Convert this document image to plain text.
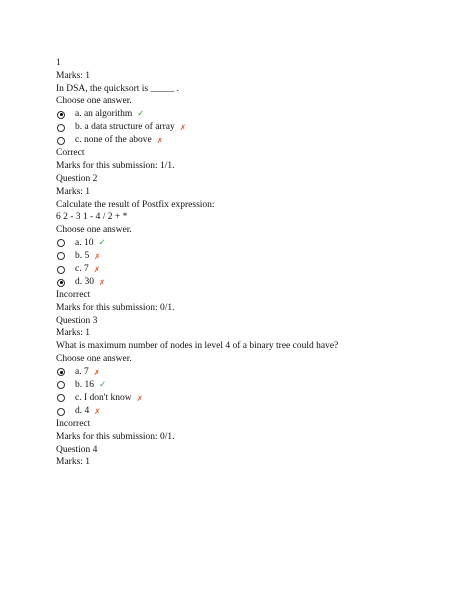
1
Marks: 1
In DSA, the quicksort is _____ .
Choose one answer.
a. an algorithm ✓
b. a data structure of array ✗
c. none of the above ✗
Correct
Marks for this submission: 1/1.
Question 2
Marks: 1
Calculate the result of Postfix expression:
6 2 - 3 1 - 4 / 2 + *
Choose one answer.
a. 10 ✓
b. 5 ✗
c. 7 ✗
d. 30 ✗
Incorrect
Marks for this submission: 0/1.
Question 3
Marks: 1
What is maximum number of nodes in level 4 of a binary tree could have?
Choose one answer.
a. 7 ✗
b. 16 ✓
c. I don't know ✗
d. 4 ✗
Incorrect
Marks for this submission: 0/1.
Question 4
Marks: 1
